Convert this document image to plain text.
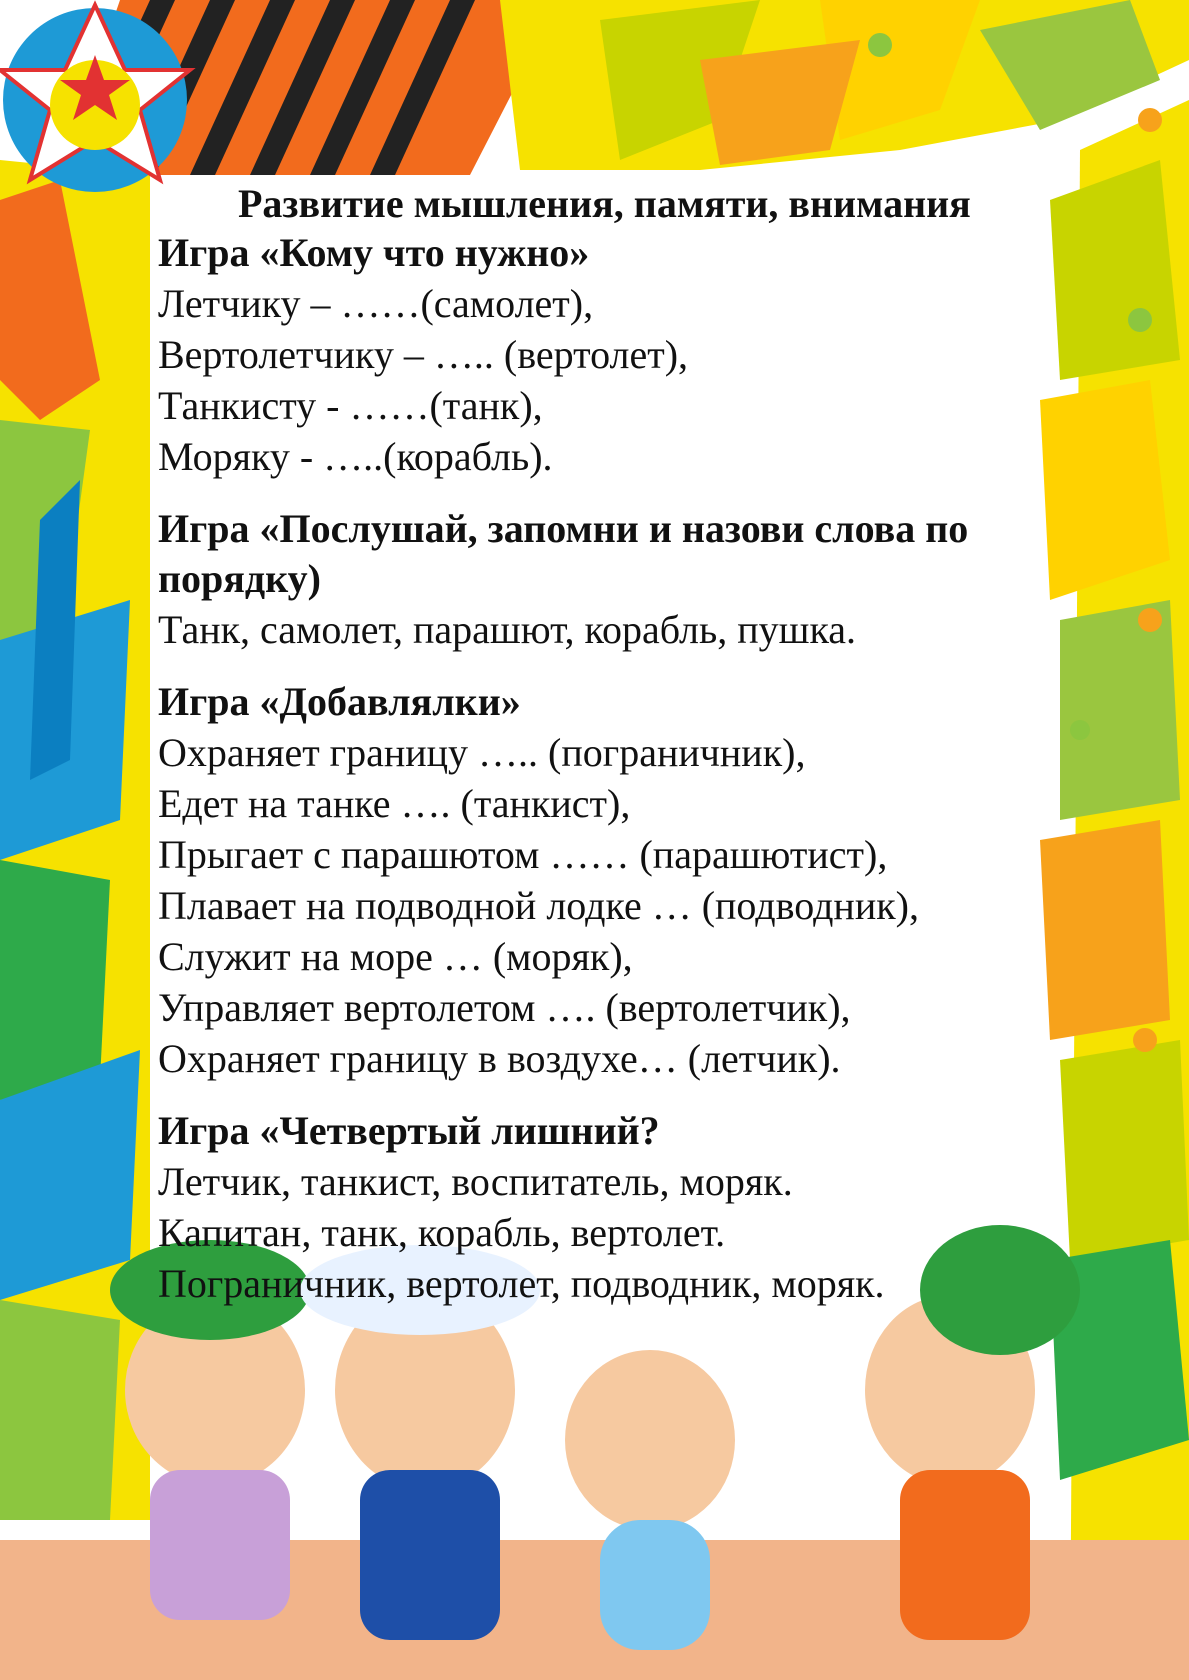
Развитие мышления, памяти, внимания
Игра «Кому что нужно»
Летчику – ……(самолет),
Вертолетчику – ….. (вертолет),
Танкисту - ……(танк),
Моряку - …..(корабль).
Игра «Послушай, запомни и назови слова по
порядку)
Танк, самолет, парашют, корабль, пушка.
Игра «Добавлялки»
Охраняет границу ….. (пограничник),
Едет на танке …. (танкист),
Прыгает с парашютом …… (парашютист),
Плавает на подводной лодке … (подводник),
Служит на море … (моряк),
Управляет вертолетом …. (вертолетчик),
Охраняет границу в воздухе… (летчик).
Игра «Четвертый лишний?
Летчик, танкист, воспитатель, моряк.
Капитан, танк, корабль, вертолет.
Пограничник, вертолет, подводник, моряк.
